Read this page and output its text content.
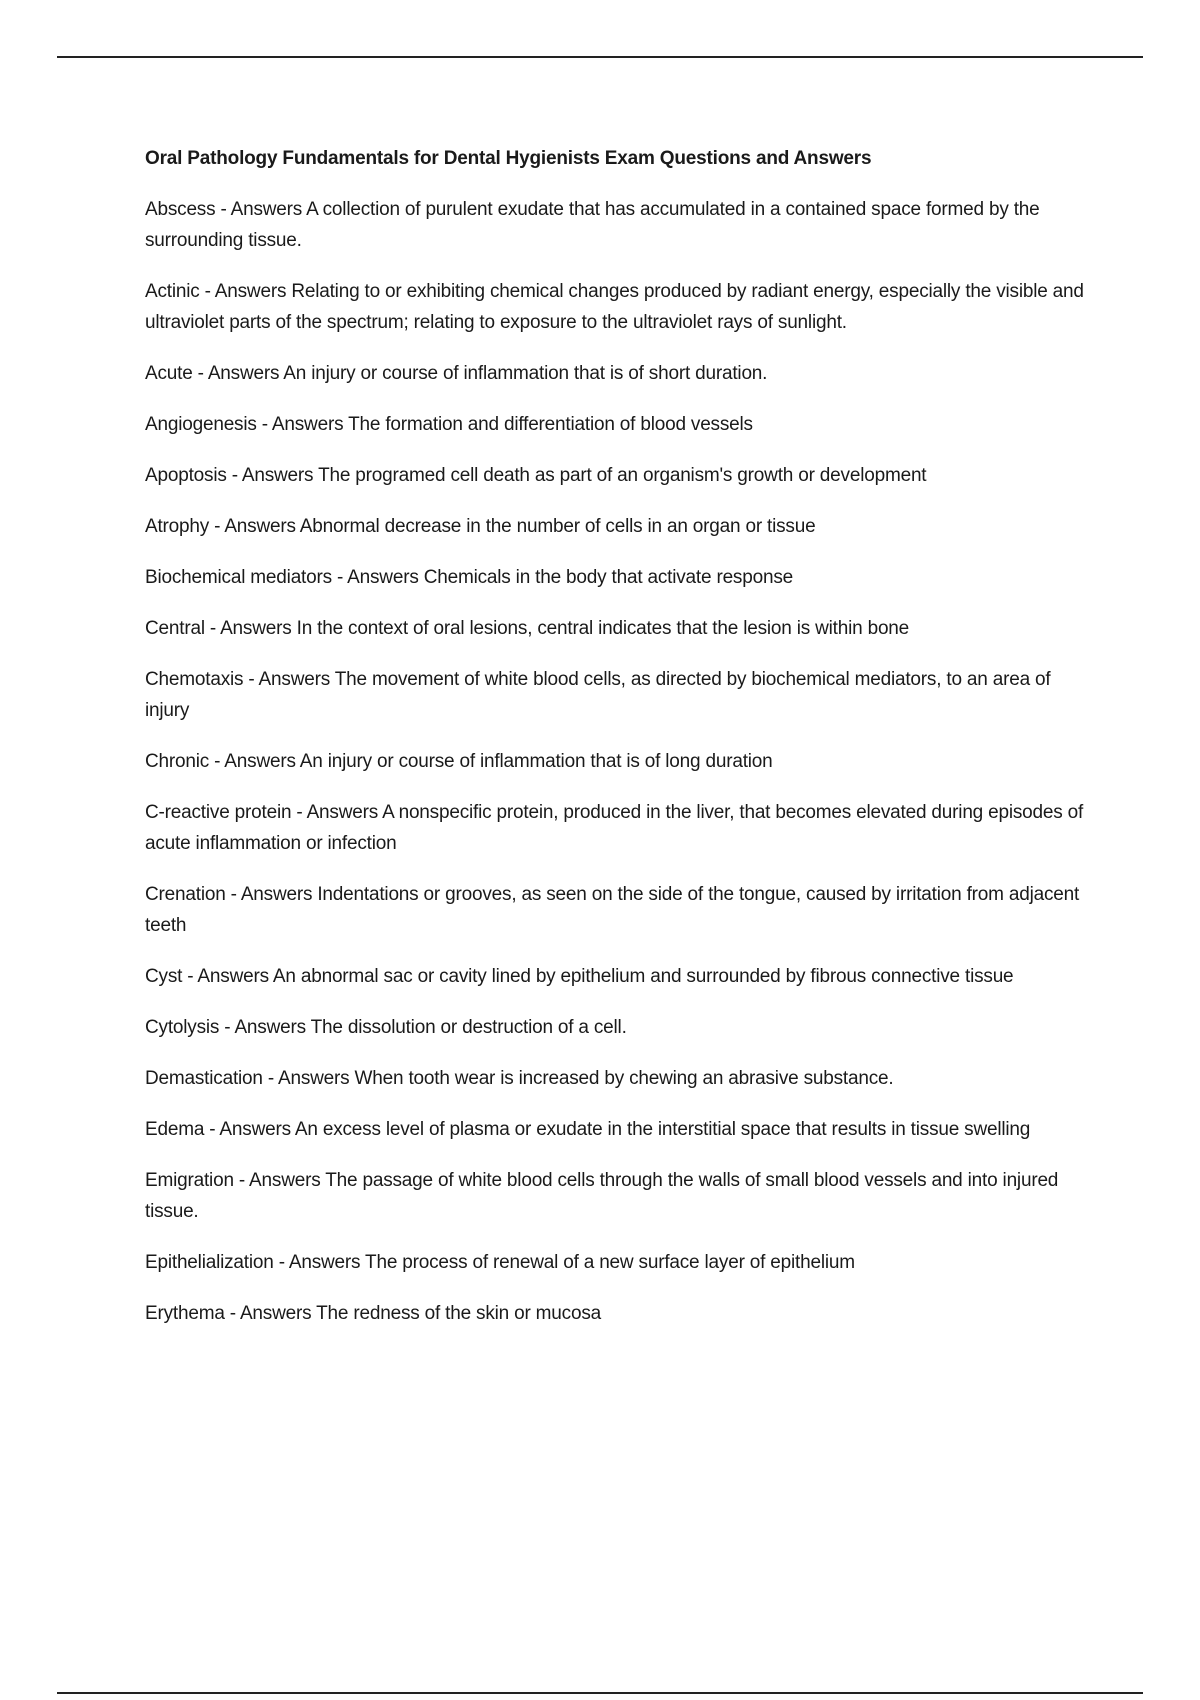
Oral Pathology Fundamentals for Dental Hygienists Exam Questions and Answers

Abscess - Answers A collection of purulent exudate that has accumulated in a contained space formed by the surrounding tissue.

Actinic - Answers Relating to or exhibiting chemical changes produced by radiant energy, especially the visible and ultraviolet parts of the spectrum; relating to exposure to the ultraviolet rays of sunlight.

Acute - Answers An injury or course of inflammation that is of short duration.

Angiogenesis - Answers The formation and differentiation of blood vessels

Apoptosis - Answers The programed cell death as part of an organism's growth or development

Atrophy - Answers Abnormal decrease in the number of cells in an organ or tissue

Biochemical mediators - Answers Chemicals in the body that activate response

Central - Answers In the context of oral lesions, central indicates that the lesion is within bone

Chemotaxis - Answers The movement of white blood cells, as directed by biochemical mediators, to an area of injury

Chronic - Answers An injury or course of inflammation that is of long duration

C-reactive protein - Answers A nonspecific protein, produced in the liver, that becomes elevated during episodes of acute inflammation or infection

Crenation - Answers Indentations or grooves, as seen on the side of the tongue, caused by irritation from adjacent teeth

Cyst - Answers An abnormal sac or cavity lined by epithelium and surrounded by fibrous connective tissue

Cytolysis - Answers The dissolution or destruction of a cell.

Demastication - Answers When tooth wear is increased by chewing an abrasive substance.

Edema - Answers An excess level of plasma or exudate in the interstitial space that results in tissue swelling

Emigration - Answers The passage of white blood cells through the walls of small blood vessels and into injured tissue.

Epithelialization - Answers The process of renewal of a new surface layer of epithelium

Erythema - Answers The redness of the skin or mucosa
